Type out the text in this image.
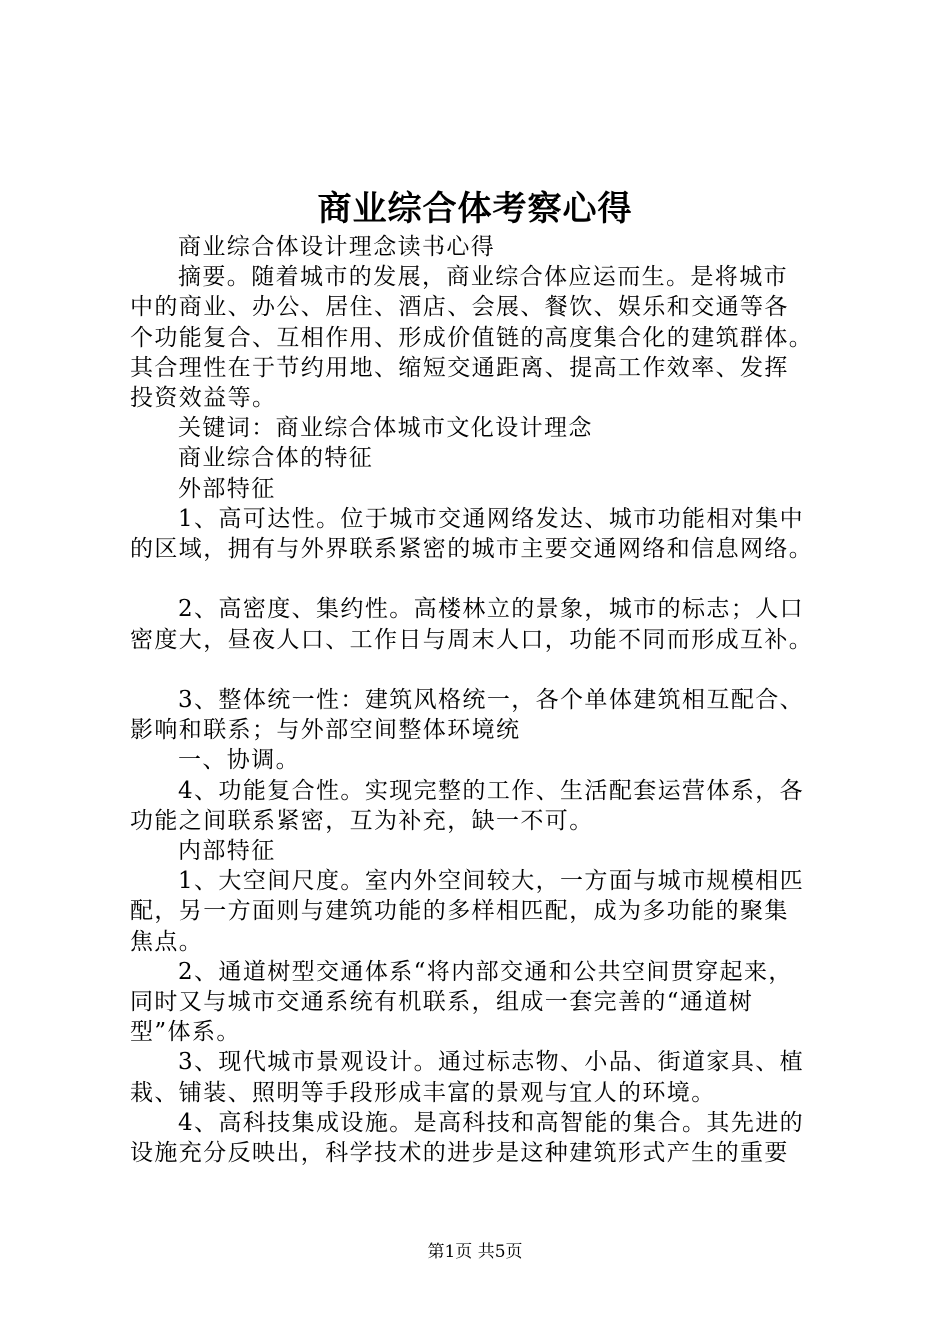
商业综合体考察心得
商业综合体设计理念读书心得
摘要。随着城市的发展，商业综合体应运而生。是将城市
中的商业、办公、居住、酒店、会展、餐饮、娱乐和交通等各
个功能复合、互相作用、形成价值链的高度集合化的建筑群体。
其合理性在于节约用地、缩短交通距离、提高工作效率、发挥
投资效益等。
关键词：商业综合体城市文化设计理念
商业综合体的特征
外部特征
1、高可达性。位于城市交通网络发达、城市功能相对集中
的区域，拥有与外界联系紧密的城市主要交通网络和信息网络。
2、高密度、集约性。高楼林立的景象，城市的标志；人口
密度大，昼夜人口、工作日与周末人口，功能不同而形成互补。
3、整体统一性：建筑风格统一，各个单体建筑相互配合、
影响和联系；与外部空间整体环境统
一、协调。
4、功能复合性。实现完整的工作、生活配套运营体系，各
功能之间联系紧密，互为补充，缺一不可。
内部特征
1、大空间尺度。室内外空间较大，一方面与城市规模相匹
配，另一方面则与建筑功能的多样相匹配，成为多功能的聚集
焦点。
2、通道树型交通体系“将内部交通和公共空间贯穿起来，
同时又与城市交通系统有机联系，组成一套完善的“通道树
型”体系。
3、现代城市景观设计。通过标志物、小品、街道家具、植
栽、铺装、照明等手段形成丰富的景观与宜人的环境。
4、高科技集成设施。是高科技和高智能的集合。其先进的
设施充分反映出，科学技术的进步是这种建筑形式产生的重要
第1页 共5页
